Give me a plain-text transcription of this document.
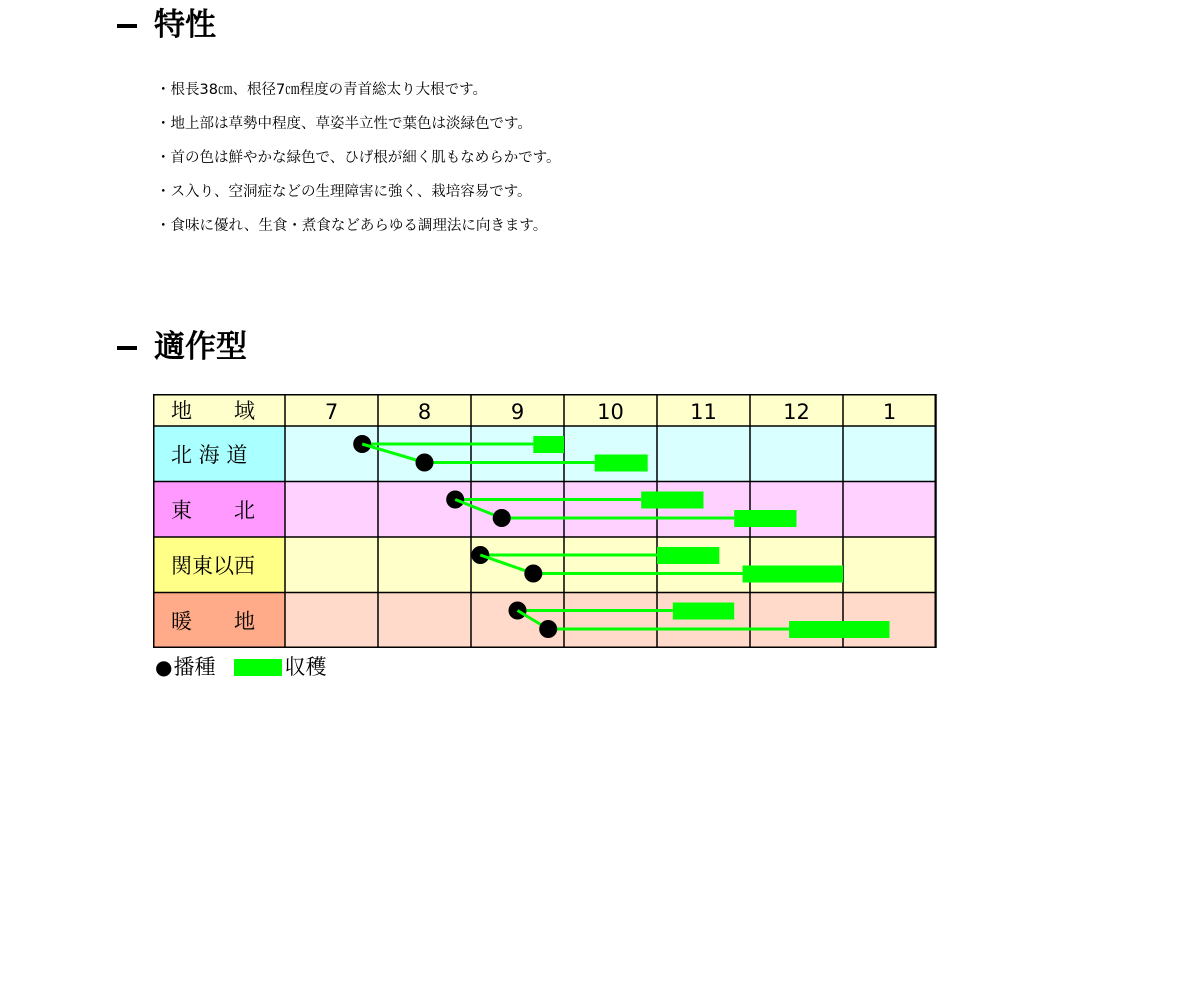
特性
・根長38㎝、根径7㎝程度の青首総太り大根です。
・地上部は草勢中程度、草姿半立性で葉色は淡緑色です。
・首の色は鮮やかな緑色で、ひげ根が細く肌もなめらかです。
・ス入り、空洞症などの生理障害に強く、栽培容易です。
・食味に優れ、生食・煮食などあらゆる調理法に向きます。
適作型
地　　域	7	8	9	10	11	12	1
北 海 道
東　　北
関東以西
暖　　地
● 播種	収穫
